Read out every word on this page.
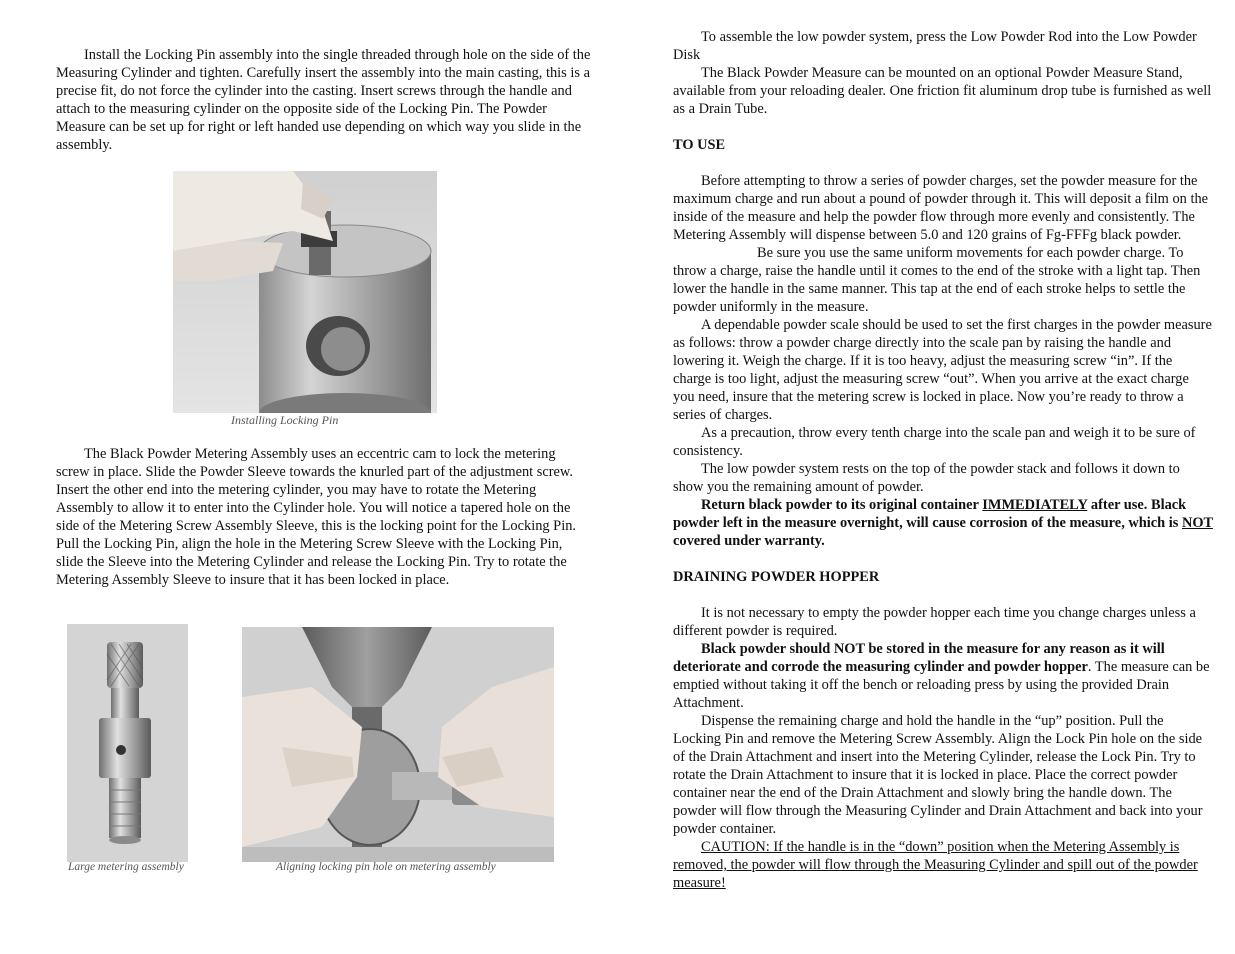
Install the Locking Pin assembly into the single threaded through hole on the side of the Measuring Cylinder and tighten. Carefully insert the assembly into the main casting, this is a precise fit, do not force the cylinder into the casting. Insert screws through the handle and attach to the measuring cylinder on the opposite side of the Locking Pin. The Powder Measure can be set up for right or left handed use depending on which way you slide in the assembly.

The Black Powder Metering Assembly uses an eccentric cam to lock the metering screw in place. Slide the Powder Sleeve towards the knurled part of the adjustment screw. Insert the other end into the metering cylinder, you may have to rotate the Metering Assembly to allow it to enter into the Cylinder hole. You will notice a tapered hole on the side of the Metering Screw Assembly Sleeve, this is the locking point for the Locking Pin. Pull the Locking Pin, align the hole in the Metering Screw Sleeve with the Locking Pin, slide the Sleeve into the Metering Cylinder and release the Locking Pin. Try to rotate the Metering Assembly Sleeve to insure that it has been locked in place.

Installing Locking Pin
Large metering assembly	Aligning locking pin hole on metering assembly

To assemble the low powder system, press the Low Powder Rod into the Low Powder Disk

The Black Powder Measure can be mounted on an optional Powder Measure Stand, available from your reloading dealer. One friction fit aluminum drop tube is furnished as well as a Drain Tube.

TO USE

Before attempting to throw a series of powder charges, set the powder measure for the maximum charge and run about a pound of powder through it. This will deposit a film on the inside of the measure and help the powder flow through more evenly and consistently. The Metering Assembly will dispense between 5.0 and 120 grains of Fg-FFFg black powder.

Be sure you use the same uniform movements for each powder charge. To throw a charge, raise the handle until it comes to the end of the stroke with a light tap. Then lower the handle in the same manner. This tap at the end of each stroke helps to settle the powder uniformly in the measure.

A dependable powder scale should be used to set the first charges in the powder measure as follows: throw a powder charge directly into the scale pan by raising the handle and lowering it. Weigh the charge. If it is too heavy, adjust the measuring screw “in”. If the charge is too light, adjust the measuring screw “out”. When you arrive at the exact charge you need, insure that the metering screw is locked in place. Now you’re ready to throw a series of charges.

As a precaution, throw every tenth charge into the scale pan and weigh it to be sure of consistency.

The low powder system rests on the top of the powder stack and follows it down to show you the remaining amount of powder.

Return black powder to its original container IMMEDIATELY after use. Black powder left in the measure overnight, will cause corrosion of the measure, which is NOT covered under warranty.

DRAINING POWDER HOPPER

It is not necessary to empty the powder hopper each time you change charges unless a different powder is required.

Black powder should NOT be stored in the measure for any reason as it will deteriorate and corrode the measuring cylinder and powder hopper. The measure can be emptied without taking it off the bench or reloading press by using the provided Drain Attachment.

Dispense the remaining charge and hold the handle in the “up” position. Pull the Locking Pin and remove the Metering Screw Assembly. Align the Lock Pin hole on the side of the Drain Attachment and insert into the Metering Cylinder, release the Lock Pin. Try to rotate the Drain Attachment to insure that it is locked in place. Place the correct powder container near the end of the Drain Attachment and slowly bring the handle down. The powder will flow through the Measuring Cylinder and Drain Attachment and back into your powder container.

CAUTION: If the handle is in the “down” position when the Metering Assembly is removed, the powder will flow through the Measuring Cylinder and spill out of the powder measure!
